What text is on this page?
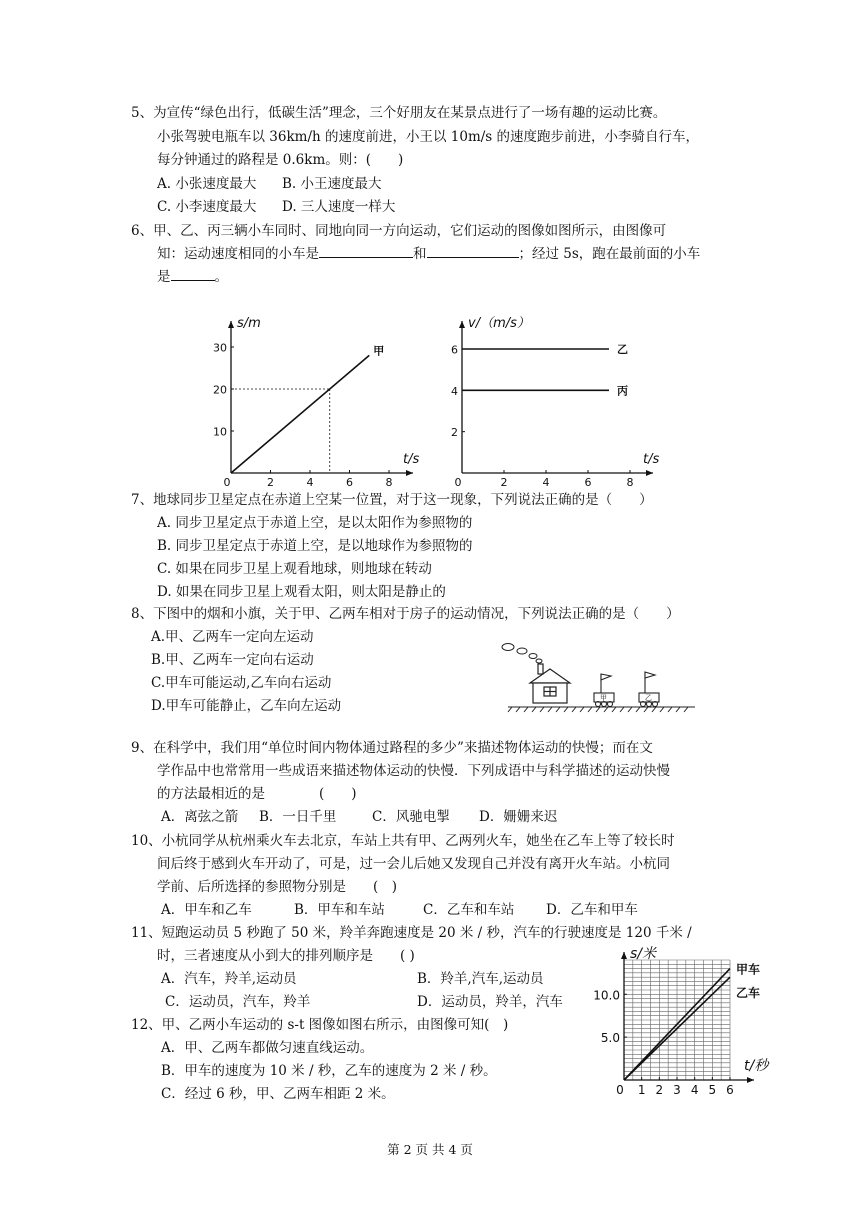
5、为宣传“绿色出行，低碳生活”理念，三个好朋友在某景点进行了一场有趣的运动比赛。
小张驾驶电瓶车以 36km/h 的速度前进，小王以 10m/s 的速度跑步前进，小李骑自行车，
每分钟通过的路程是 0.6km。则：(　　)
A. 小张速度最大 B. 小王速度最大
C. 小李速度最大 D. 三人速度一样大
6、甲、乙、丙三辆小车同时、同地向同一方向运动，它们运动的图像如图所示，由图像可
知：运动速度相同的小车是	和	；经过 5s，跑在最前面的小车
是	。
0	2	4	6	8
10
20
30
t/s
s/m
甲
0	2	4	6	8
2
4
6
t/s
v/（m/s）
乙
丙
7、地球同步卫星定点在赤道上空某一位置，对于这一现象，下列说法正确的是（　　）
A. 同步卫星定点于赤道上空，是以太阳作为参照物的
B. 同步卫星定点于赤道上空，是以地球作为参照物的
C. 如果在同步卫星上观看地球，则地球在转动
D. 如果在同步卫星上观看太阳，则太阳是静止的
8、下图中的烟和小旗，关于甲、乙两车相对于房子的运动情况，下列说法正确的是（　　）
A.甲、乙两车一定向左运动
B.甲、乙两车一定向右运动
C.甲车可能运动,乙车向右运动
D.甲车可能静止，乙车向左运动	甲	乙
9、在科学中，我们用“单位时间内物体通过路程的多少”来描述物体运动的快慢；而在文
学作品中也常常用一些成语来描述物体运动的快慢．下列成语中与科学描述的运动快慢
的方法最相近的是　　　　(　　)
A．离弦之箭 B．一日千里	C．风驰电掣 D．姗姗来迟
10、小杭同学从杭州乘火车去北京，车站上共有甲、乙两列火车，她坐在乙车上等了较长时
间后终于感到火车开动了，可是，过一会儿后她又发现自己并没有离开火车站。小杭同
学前、后所选择的参照物分别是　　(　)
A．甲车和乙车	B．甲车和车站	C．乙车和车站 D．乙车和甲车
11、短跑运动员 5 秒跑了 50 米，羚羊奔跑速度是 20 米 / 秒，汽车的行驶速度是 120 千米 /
时，三者速度从小到大的排列顺序是　　( )
A．汽车，羚羊,运动员	B．羚羊,汽车,运动员
C．运动员，汽车，羚羊	D．运动员，羚羊，汽车
12、甲、乙两小车运动的 s-t 图像如图右所示，由图像可知(　)
A．甲、乙两车都做匀速直线运动。
B．甲车的速度为 10 米 / 秒，乙车的速度为 2 米 / 秒。
C．经过 6 秒，甲、乙两车相距 2 米。	0 1 2 3 4 5 6
5.0
10.0
t/秒
s/米
甲车
乙车
第 2 页 共 4 页
